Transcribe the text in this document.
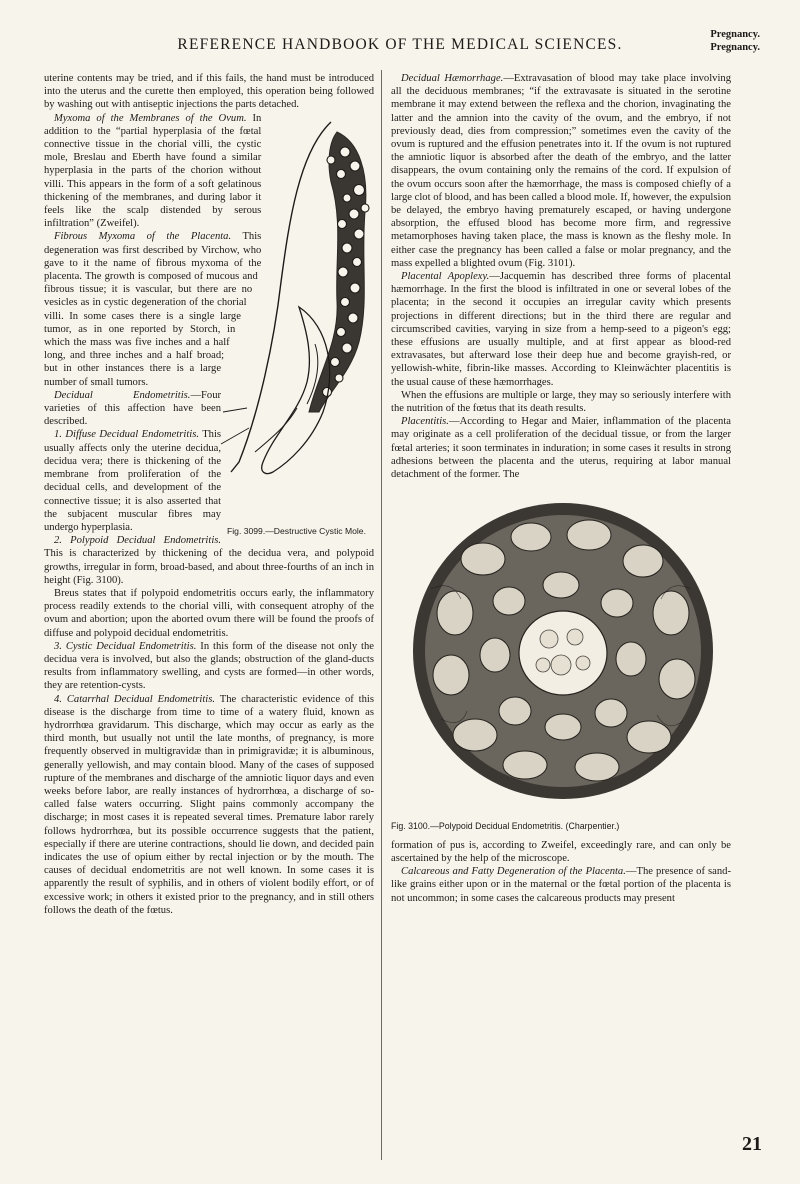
REFERENCE HANDBOOK OF THE MEDICAL SCIENCES.
Pregnancy.
Pregnancy.

uterine contents may be tried, and if this fails, the hand must be introduced into the uterus and the curette then employed, this operation being followed by washing out with antiseptic injections the parts detached.

Fig. 3099.—Destructive Cystic Mole.

Myxoma of the Membranes of the Ovum. In addition to the “partial hyperplasia of the fœtal connective tissue in the chorial villi, the cystic mole, Breslau and Eberth have found a similar hyperplasia in the parts of the chorion without villi. This appears in the form of a soft gelatinous thickening of the membranes, and during labor it feels like the scalp distended by serous infiltration” (Zweifel).

Fibrous Myxoma of the Placenta. This degeneration was first described by Virchow, who gave to it the name of fibrous myxoma of the placenta. The growth is composed of mucous and fibrous tissue; it is vascular, but there are no vesicles as in cystic degeneration of the chorial villi. In some cases there is a single large tumor, as in one reported by Storch, in which the mass was five inches and a half long, and three inches and a half broad; but in other instances there is a large number of small tumors.

Decidual Endometritis.—Four varieties of this affection have been described.

1. Diffuse Decidual Endometritis. This usually affects only the uterine decidua, decidua vera; there is thickening of the membrane from proliferation of the decidual cells, and development of the connective tissue; it is also asserted that the subjacent muscular fibres may undergo hyperplasia.

2. Polypoid Decidual Endometritis. This is characterized by thickening of the decidua vera, and polypoid growths, irregular in form, broad-based, and about three-fourths of an inch in height (Fig. 3100).

Breus states that if polypoid endometritis occurs early, the inflammatory process readily extends to the chorial villi, with consequent atrophy of the ovum and abortion; upon the aborted ovum there will be found the proofs of diffuse and polypoid decidual endometritis.

3. Cystic Decidual Endometritis. In this form of the disease not only the decidua vera is involved, but also the glands; obstruction of the gland-ducts results from inflammatory swelling, and cysts are formed—in other words, they are retention-cysts.

4. Catarrhal Decidual Endometritis. The characteristic evidence of this disease is the discharge from time to time of a watery fluid, known as hydrorrhœa gravidarum. This discharge, which may occur as early as the third month, but usually not until the late months, of pregnancy, is more frequently observed in multigravidæ than in primigravidæ; it is albuminous, generally yellowish, and may contain blood. Many of the cases of supposed rupture of the membranes and discharge of the amniotic liquor days and even weeks before labor, are really instances of hydrorrhœa, a discharge of so-called false waters occurring. Slight pains commonly accompany the discharge; in most cases it is repeated several times. Premature labor rarely follows hydrorrhœa, but its possible occurrence suggests that the patient, especially if there are uterine contractions, should lie down, and decided pain indicates the use of opium either by rectal injection or by the mouth. The causes of decidual endometritis are not well known. In some cases it is apparently the result of syphilis, and in others of violent bodily effort, or of excessive work; in others it existed prior to the pregnancy, and in still others follows the death of the fœtus.

Decidual Hæmorrhage.—Extravasation of blood may take place involving all the deciduous membranes; “if the extravasate is situated in the serotine membrane it may extend between the reflexa and the chorion, invaginating the latter and the amnion into the cavity of the ovum, and the embryo, if not previously dead, dies from compression;” sometimes even the cavity of the ovum is ruptured and the effusion penetrates into it. If the ovum is not ruptured the amniotic liquor is absorbed after the death of the embryo, and the latter disappears, the ovum containing only the remains of the cord. If expulsion of the ovum occurs soon after the hæmorrhage, the mass is composed chiefly of a large clot of blood, and has been called a blood mole. If, however, the expulsion be delayed, the embryo having prematurely escaped, or having undergone absorption, the effused blood has become more firm, and regressive metamorphoses having taken place, the mass is known as the fleshy mole. In either case the pregnancy has been called a false or molar pregnancy, and the mass expelled a blighted ovum (Fig. 3101).

Placental Apoplexy.—Jacquemin has described three forms of placental hæmorrhage. In the first the blood is infiltrated in one or several lobes of the placenta; in the second it occupies an irregular cavity which presents projections in different directions; but in the third there are regular and circumscribed cavities, varying in size from a hemp-seed to a pigeon's egg; these effusions are usually multiple, and at first appear as blood-red extravasates, but afterward lose their deep hue and become grayish-red, or yellowish-white, fibrin-like masses. According to Kleinwächter placentitis is the usual cause of these hæmorrhages.

When the effusions are multiple or large, they may so seriously interfere with the nutrition of the fœtus that its death results.

Placentitis.—According to Hegar and Maier, inflammation of the placenta may originate as a cell proliferation of the decidual tissue, or from the larger fœtal arteries; it soon terminates in induration; in some cases it results in strong adhesions between the placenta and the uterus, requiring at labor manual detachment of the former. The

Fig. 3100.—Polypoid Decidual Endometritis. (Charpentier.)

formation of pus is, according to Zweifel, exceedingly rare, and can only be ascertained by the help of the microscope.

Calcareous and Fatty Degeneration of the Placenta.—The presence of sand-like grains either upon or in the maternal or the fœtal portion of the placenta is not uncommon; in some cases the calcareous products may present

21
